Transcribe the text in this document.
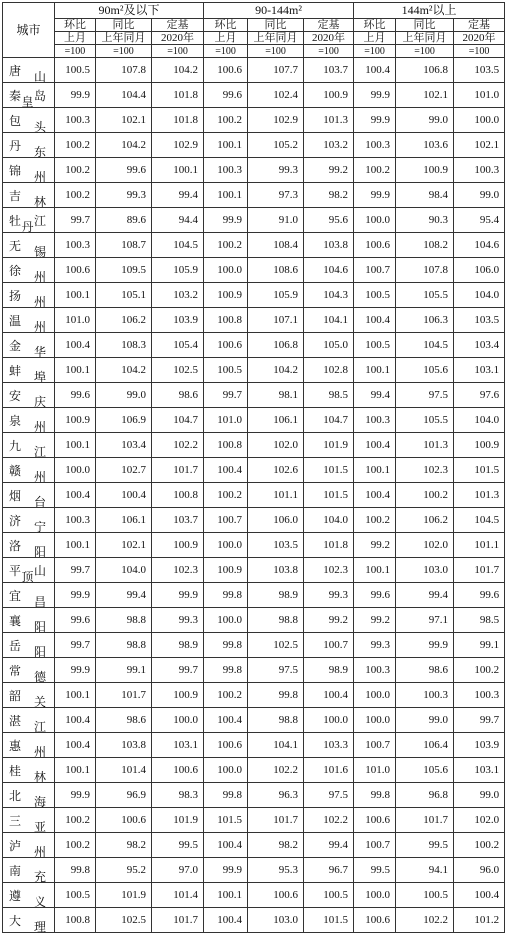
城市	90m²及以下			90-144m²			144m²以上		
	环比	同比	定基	环比	同比	定基	环比	同比	定基
	上月	上年同月	2020年	上月	上年同月	2020年	上月	上年同月	2020年
	=100	=100	=100	=100	=100	=100	=100	=100	=100

唐 山	100.5	107.8	104.2	100.6	107.7	103.7	100.4	106.8	103.5

秦 皇 岛	99.9	104.4	101.8	99.6	102.4	100.9	99.9	102.1	101.0

包 头	100.3	102.1	101.8	100.2	102.9	101.3	99.9	99.0	100.0

丹 东	100.2	104.2	102.9	100.1	105.2	103.2	100.3	103.6	102.1

锦 州	100.2	99.6	100.1	100.3	99.3	99.2	100.2	100.9	100.3

吉 林	100.2	99.3	99.4	100.1	97.3	98.2	99.9	98.4	99.0

牡 丹 江	99.7	89.6	94.4	99.9	91.0	95.6	100.0	90.3	95.4

无 锡	100.3	108.7	104.5	100.2	108.4	103.8	100.6	108.2	104.6

徐 州	100.6	109.5	105.9	100.0	108.6	104.6	100.7	107.8	106.0

扬 州	100.1	105.1	103.2	100.9	105.9	104.3	100.5	105.5	104.0

温 州	101.0	106.2	103.9	100.8	107.1	104.1	100.4	106.3	103.5

金 华	100.4	108.3	105.4	100.6	106.8	105.0	100.5	104.5	103.4

蚌 埠	100.1	104.2	102.5	100.5	104.2	102.8	100.1	105.6	103.1

安 庆	99.6	99.0	98.6	99.7	98.1	98.5	99.4	97.5	97.6

泉 州	100.9	106.9	104.7	101.0	106.1	104.7	100.3	105.5	104.0

九 江	100.1	103.4	102.2	100.8	102.0	101.9	100.4	101.3	100.9

赣 州	100.0	102.7	101.7	100.4	102.6	101.5	100.1	102.3	101.5

烟 台	100.4	100.4	100.8	100.2	101.1	101.5	100.4	100.2	101.3

济 宁	100.3	106.1	103.7	100.7	106.0	104.0	100.2	106.2	104.5

洛 阳	100.1	102.1	100.9	100.0	103.5	101.8	99.2	102.0	101.1

平 顶 山	99.7	104.0	102.3	100.9	103.8	102.3	100.1	103.0	101.7

宜 昌	99.9	99.4	99.9	99.8	98.9	99.3	99.6	99.4	99.6

襄 阳	99.6	98.8	99.3	100.0	98.8	99.2	99.2	97.1	98.5

岳 阳	99.7	98.8	98.9	99.8	102.5	100.7	99.3	99.9	99.1

常 德	99.9	99.1	99.7	99.8	97.5	98.9	100.3	98.6	100.2

韶 关	100.1	101.7	100.9	100.2	99.8	100.4	100.0	100.3	100.3

湛 江	100.4	98.6	100.0	100.4	98.8	100.0	100.0	99.0	99.7

惠 州	100.4	103.8	103.1	100.6	104.1	103.3	100.7	106.4	103.9

桂 林	100.1	101.4	100.6	100.0	102.2	101.6	101.0	105.6	103.1

北 海	99.9	96.9	98.3	99.8	96.3	97.5	99.8	96.8	99.0

三 亚	100.2	100.6	101.9	101.5	101.7	102.2	100.6	101.7	102.0

泸 州	100.2	98.2	99.5	100.4	98.2	99.4	100.7	99.5	100.2

南 充	99.8	95.2	97.0	99.9	95.3	96.7	99.5	94.1	96.0

遵 义	100.5	101.9	101.4	100.1	100.6	100.5	100.0	100.5	100.4

大 理	100.8	102.5	101.7	100.4	103.0	101.5	100.6	102.2	101.2
